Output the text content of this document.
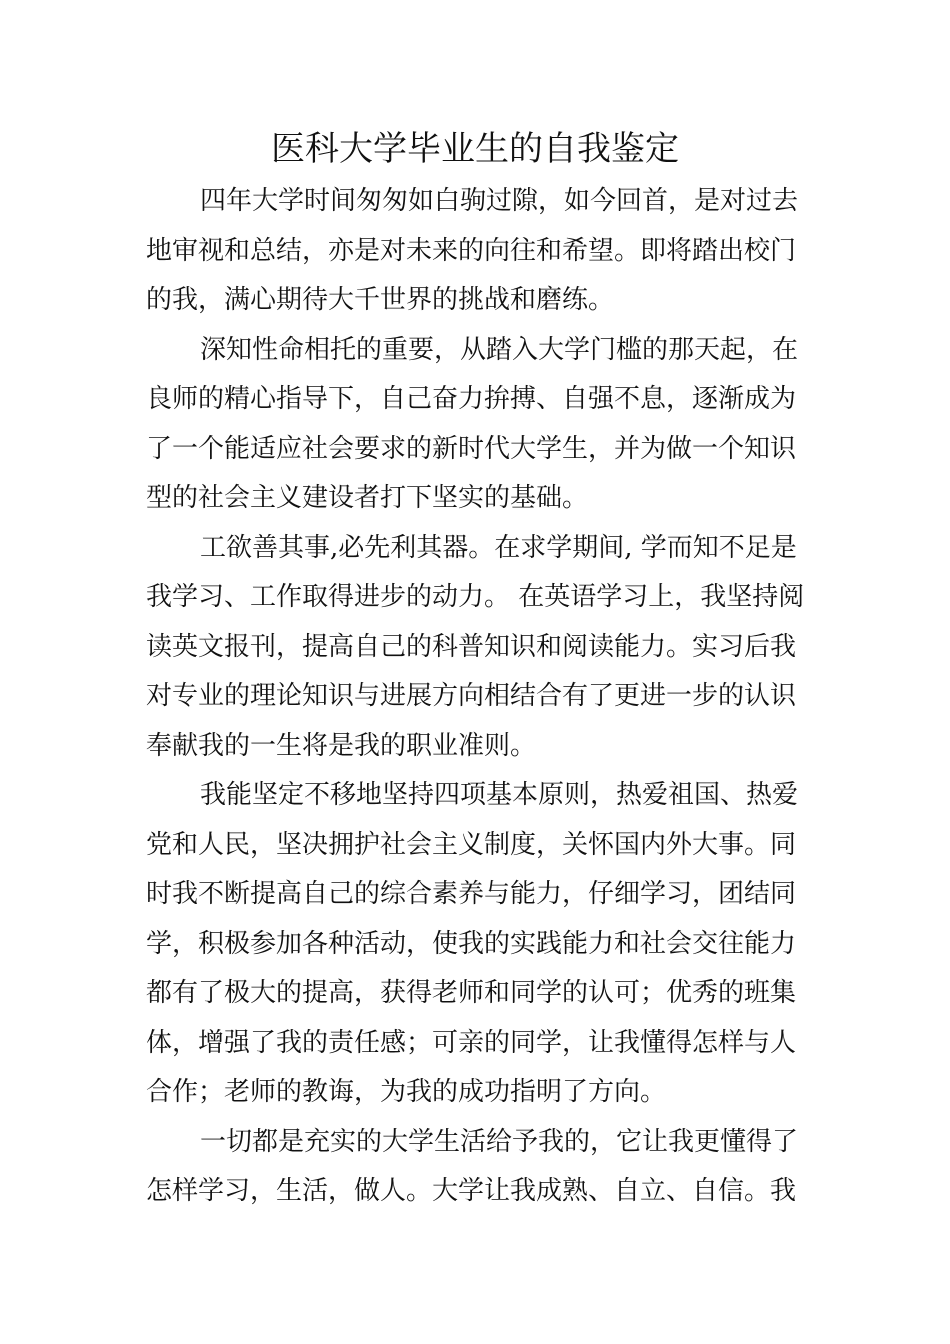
医科大学毕业生的自我鉴定
四年大学时间匆匆如白驹过隙，如今回首，是对过去
地审视和总结，亦是对未来的向往和希望。即将踏出校门
的我，满心期待大千世界的挑战和磨练。
深知性命相托的重要，从踏入大学门槛的那天起，在
良师的精心指导下，自己奋力拚搏、自强不息，逐渐成为
了一个能适应社会要求的新时代大学生，并为做一个知识
型的社会主义建设者打下坚实的基础。
工欲善其事,必先利其器。在求学期间, 学而知不足是
我学习、工作取得进步的动力。 在英语学习上，我坚持阅
读英文报刊，提高自己的科普知识和阅读能力。实习后我
对专业的理论知识与进展方向相结合有了更进一步的认识
奉献我的一生将是我的职业准则。
我能坚定不移地坚持四项基本原则，热爱祖国、热爱
党和人民，坚决拥护社会主义制度，关怀国内外大事。同
时我不断提高自己的综合素养与能力，仔细学习，团结同
学，积极参加各种活动，使我的实践能力和社会交往能力
都有了极大的提高，获得老师和同学的认可；优秀的班集
体，增强了我的责任感；可亲的同学，让我懂得怎样与人
合作；老师的教诲，为我的成功指明了方向。
一切都是充实的大学生活给予我的，它让我更懂得了
怎样学习，生活，做人。大学让我成熟、自立、自信。我
